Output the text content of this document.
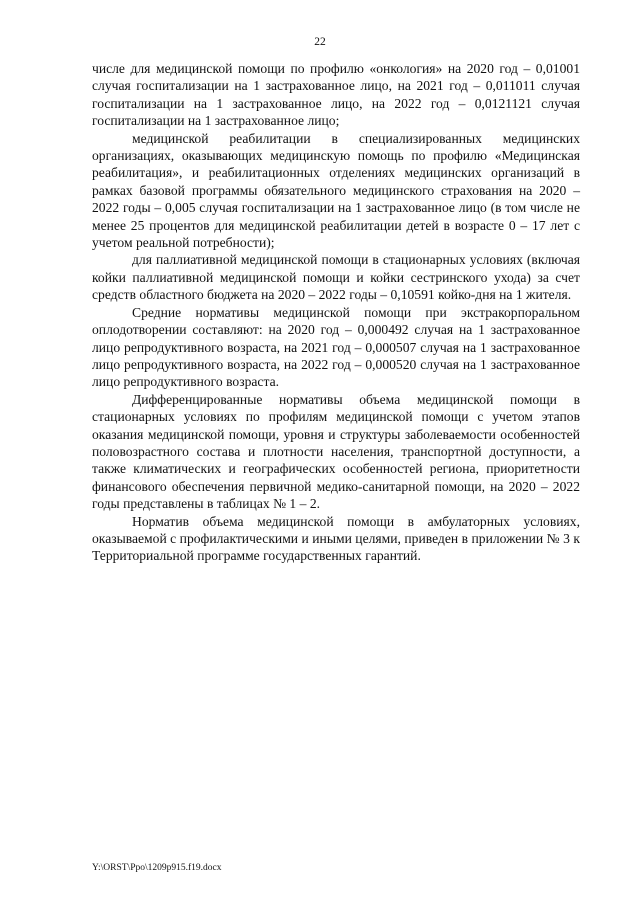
22

числе для медицинской помощи по профилю «онкология» на 2020 год – 0,01001 случая госпитализации на 1 застрахованное лицо, на 2021 год – 0,011011 случая госпитализации на 1 застрахованное лицо, на 2022 год – 0,0121121 случая госпитализации на 1 застрахованное лицо;

медицинской реабилитации в специализированных медицинских организациях, оказывающих медицинскую помощь по профилю «Медицинская реабилитация», и реабилитационных отделениях медицинских организаций в рамках базовой программы обязательного медицинского страхования на 2020 – 2022 годы – 0,005 случая госпитализации на 1 застрахованное лицо (в том числе не менее 25 процентов для медицинской реабилитации детей в возрасте 0 – 17 лет с учетом реальной потребности);

для паллиативной медицинской помощи в стационарных условиях (включая койки паллиативной медицинской помощи и койки сестринского ухода) за счет средств областного бюджета на 2020 – 2022 годы – 0,10591 койко-дня на 1 жителя.

Средние нормативы медицинской помощи при экстракорпоральном оплодотворении составляют: на 2020 год – 0,000492 случая на 1 застрахованное лицо репродуктивного возраста, на 2021 год – 0,000507 случая на 1 застрахованное лицо репродуктивного возраста, на 2022 год – 0,000520 случая на 1 застрахованное лицо репродуктивного возраста.

Дифференцированные нормативы объема медицинской помощи в стационарных условиях по профилям медицинской помощи с учетом этапов оказания медицинской помощи, уровня и структуры заболеваемости особенностей половозрастного состава и плотности населения, транспортной доступности, а также климатических и географических особенностей региона, приоритетности финансового обеспечения первичной медико-санитарной помощи, на 2020 – 2022 годы представлены в таблицах № 1 – 2.

Норматив объема медицинской помощи в амбулаторных условиях, оказываемой с профилактическими и иными целями, приведен в приложении № 3 к Территориальной программе государственных гарантий.

Y:\ORST\Ppo\1209p915.f19.docx
